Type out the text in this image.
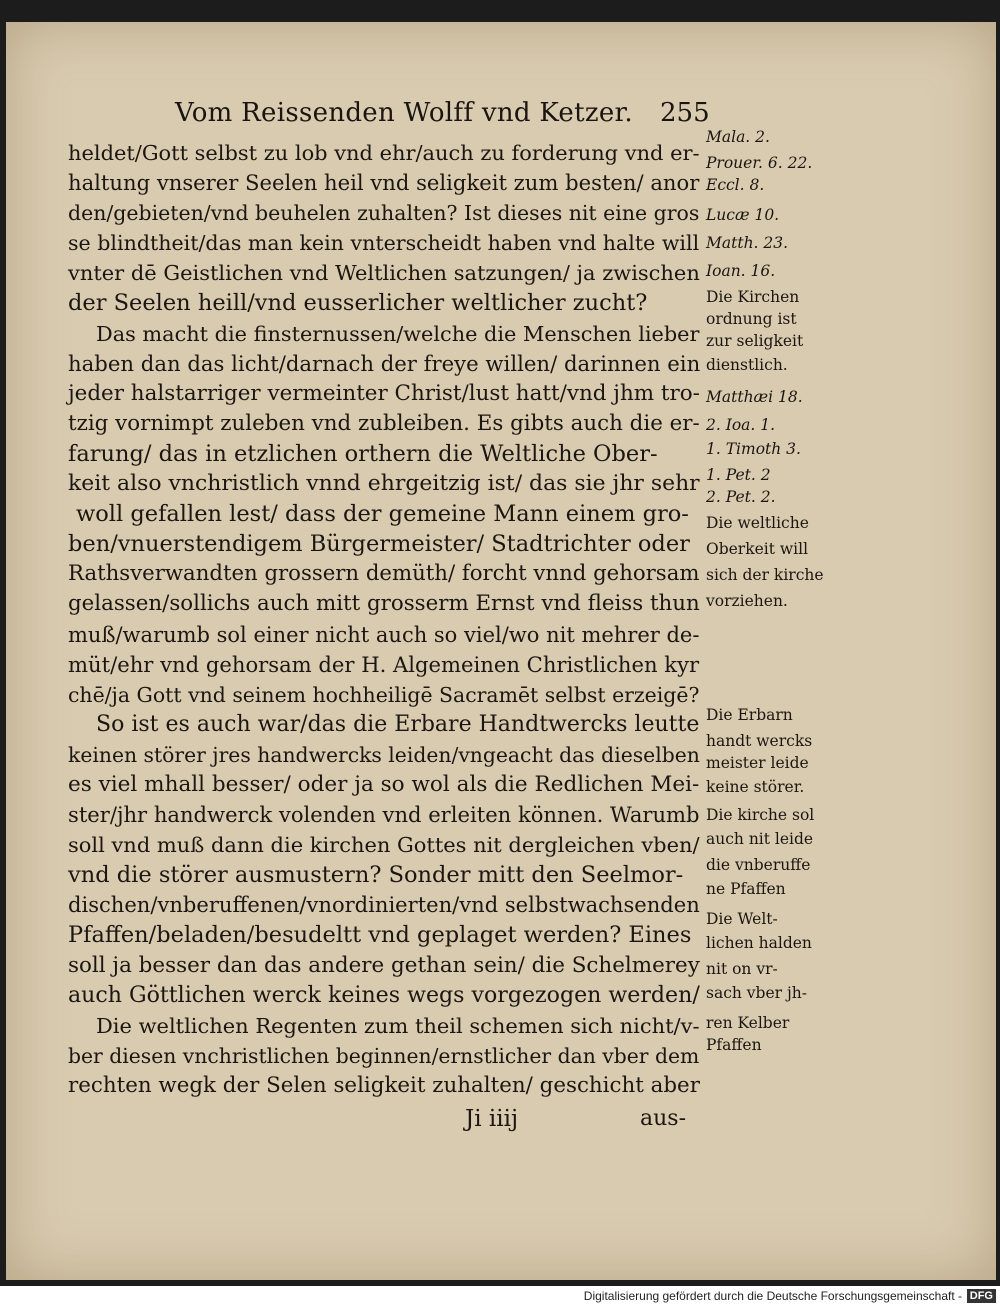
Vom Reissenden Wolff vnd Ketzer. 255
heldet/Gott selbst zu lob vnd ehr/auch zu forderung vnd er-
haltung vnserer Seelen heil vnd seligkeit zum besten/ anor
den/gebieten/vnd beuhelen zuhalten? Ist dieses nit eine gros
se blindtheit/das man kein vnterscheidt haben vnd halte will
vnter dē Geistlichen vnd Weltlichen satzungen/ ja zwischen
der Seelen heill/vnd eusserlicher weltlicher zucht?
Das macht die finsternussen/welche die Menschen lieber
haben dan das licht/darnach der freye willen/ darinnen ein
jeder halstarriger vermeinter Christ/lust hatt/vnd jhm tro-
tzig vornimpt zuleben vnd zubleiben. Es gibts auch die er-
farung/ das in etzlichen orthern die Weltliche Ober-
keit also vnchristlich vnnd ehrgeitzig ist/ das sie jhr sehr
woll gefallen lest/ dass der gemeine Mann einem gro-
ben/vnuerstendigem Bürgermeister/ Stadtrichter oder
Rathsverwandten grossern demüth/ forcht vnnd gehorsam
gelassen/sollichs auch mitt grosserm Ernst vnd fleiss thun
muß/warumb sol einer nicht auch so viel/wo nit mehrer de-
müt/ehr vnd gehorsam der H. Algemeinen Christlichen kyr
chē/ja Gott vnd seinem hochheiligē Sacramēt selbst erzeigē?
So ist es auch war/das die Erbare Handtwercks leutte
keinen störer jres handwercks leiden/vngeacht das dieselben
es viel mhall besser/ oder ja so wol als die Redlichen Mei-
ster/jhr handwerck volenden vnd erleiten können. Warumb
soll vnd muß dann die kirchen Gottes nit dergleichen vben/
vnd die störer ausmustern? Sonder mitt den Seelmor-
dischen/vnberuffenen/vnordinierten/vnd selbstwachsenden
Pfaffen/beladen/besudeltt vnd geplaget werden? Eines
soll ja besser dan das andere gethan sein/ die Schelmerey
auch Göttlichen werck keines wegs vorgezogen werden/
Die weltlichen Regenten zum theil schemen sich nicht/v-
ber diesen vnchristlichen beginnen/ernstlicher dan vber dem
rechten wegk der Selen seligkeit zuhalten/ geschicht aber
Mala. 2.
Prouer. 6. 22.
Eccl. 8.
Lucæ 10.
Matth. 23.
Ioan. 16.
Die Kirchen
ordnung ist
zur seligkeit
dienstlich.
Matthæi 18.
2. Ioa. 1.
1. Timoth 3.
1. Pet. 2
2. Pet. 2.
Die weltliche
Oberkeit will
sich der kirche
vorziehen.
Die Erbarn
handt wercks
meister leide
keine störer.
Die kirche sol
auch nit leide
die vnberuffe
ne Pfaffen
Die Welt-
lichen halden
nit on vr-
sach vber jh-
ren Kelber
Pfaffen
Ji iiij	aus-
Digitalisierung gefördert durch die Deutsche Forschungsgemeinschaft - DFG
